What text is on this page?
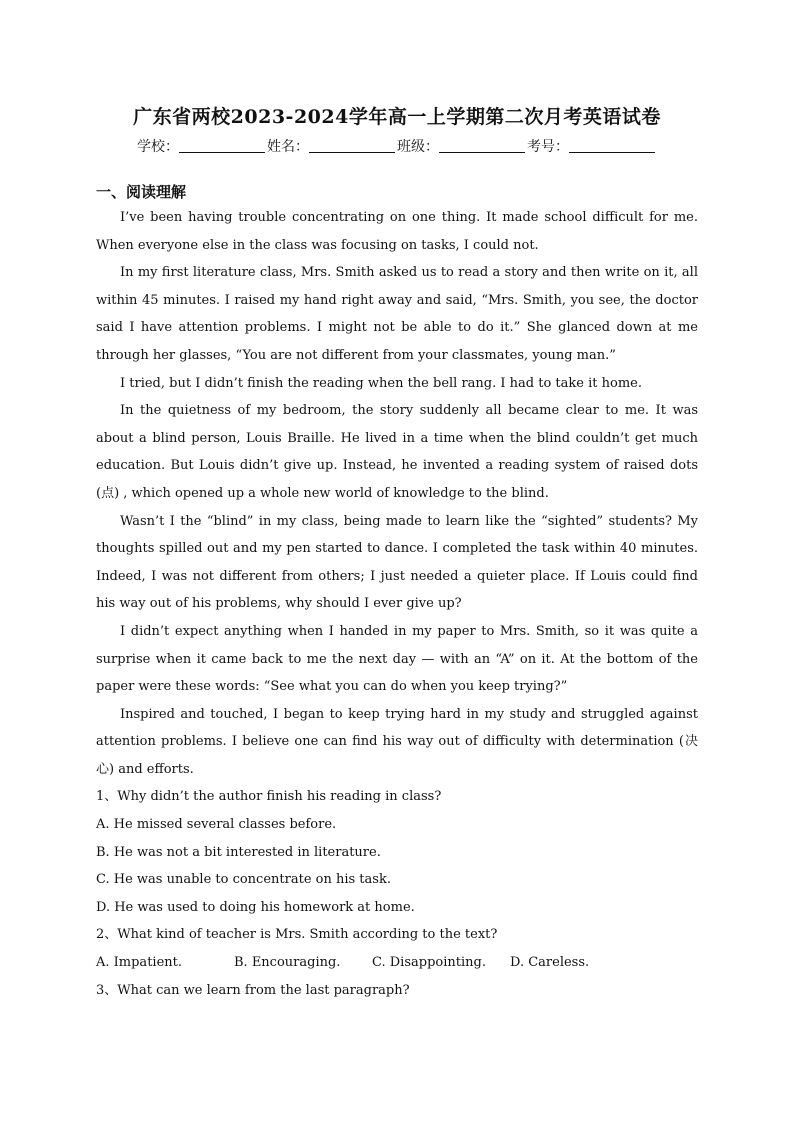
广东省两校2023-2024学年高一上学期第二次月考英语试卷
学校：	姓名：	班级：	考号：
一、阅读理解

I’ve been having trouble concentrating on one thing. It made school difficult for me. When everyone else in the class was focusing on tasks, I could not.

In my first literature class, Mrs. Smith asked us to read a story and then write on it, all within 45 minutes. I raised my hand right away and said, “Mrs. Smith, you see, the doctor said I have attention problems. I might not be able to do it.” She glanced down at me through her glasses, “You are not different from your classmates, young man.”

I tried, but I didn’t finish the reading when the bell rang. I had to take it home.

In the quietness of my bedroom, the story suddenly all became clear to me. It was about a blind person, Louis Braille. He lived in a time when the blind couldn’t get much education. But Louis didn’t give up. Instead, he invented a reading system of raised dots (点) , which opened up a whole new world of knowledge to the blind.

Wasn’t I the “blind” in my class, being made to learn like the “sighted” students? My thoughts spilled out and my pen started to dance. I completed the task within 40 minutes. Indeed, I was not different from others; I just needed a quieter place. If Louis could find his way out of his problems, why should I ever give up?

I didn’t expect anything when I handed in my paper to Mrs. Smith, so it was quite a surprise when it came back to me the next day — with an “A” on it. At the bottom of the paper were these words: “See what you can do when you keep trying?”

Inspired and touched, I began to keep trying hard in my study and struggled against attention problems. I believe one can find his way out of difficulty with determination (决心) and efforts.

1、Why didn’t the author finish his reading in class?

A. He missed several classes before.

B. He was not a bit interested in literature.

C. He was unable to concentrate on his task.

D. He was used to doing his homework at home.

2、What kind of teacher is Mrs. Smith according to the text?

A. Impatient.	B. Encouraging.	C. Disappointing.	D. Careless.

3、What can we learn from the last paragraph?
